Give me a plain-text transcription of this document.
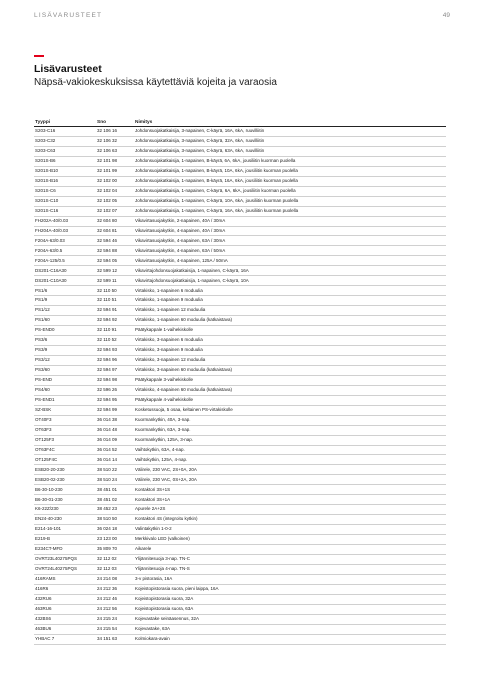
LISÄVARUSTEET	49
Lisävarusteet
Näpsä-vakiokeskuksissa käytettäviä kojeita ja varaosia
Tyyppi	Sno	Nimitys
S203-C16	32 106 16	Johdonsuojakatkaisija, 3-napainen, C-käyrä, 16A, 6kA, ruuvilliitin
S203-C32	32 106 32	Johdonsuojakatkaisija, 3-napainen, C-käyrä, 32A, 6kA, ruuvilliitin
S203-C63	32 106 63	Johdonsuojakatkaisija, 3-napainen, C-käyrä, 63A, 6kA, ruuvilliitin
S201S-B6	32 101 98	Johdonsuojakatkaisija, 1-napainen, B-käyrä, 6A, 6kA, jousiliitin kuorman puolella
S201S-B10	32 101 99	Johdonsuojakatkaisija, 1-napainen, B-käyrä, 10A, 6kA, jousiliitin kuorman puolella
S201S-B16	32 102 00	Johdonsuojakatkaisija, 1-napainen, B-käyrä, 16A, 6kA, jousiliitin kuorman puolella
S201S-C6	32 102 04	Johdonsuojakatkaisija, 1-napainen, C-käyrä, 6A, 6kA, jousiliitin kuorman puolella
S201S-C10	32 102 05	Johdonsuojakatkaisija, 1-napainen, C-käyrä, 10A, 6kA, jousiliitin kuorman puolella
S201S-C16	32 102 07	Johdonsuojakatkaisija, 1-napainen, C-käyrä, 16A, 6kA, jousiliitin kuorman puolella
FH202A-40/0.03	32 604 80	Vikavirtasuojakytkin, 2-napainen, 40A / 30mA
FH204A-40/0.03	32 604 81	Vikavirtasuojakytkin, 4-napainen, 40A / 30mA
F204A-63/0.03	32 594 46	Vikavirtasuojakytkin, 4-napainen, 63A / 30mA
F204A-63/0.5	32 594 88	Vikavirtasuojakytkin, 4-napainen, 63A / 50mA
F204A-125/0.5	32 594 05	Vikavirtasuojakytkin, 4-napainen, 125A / 50mA
DS201-C16A30	32 599 12	Vikavirtajohdonsuojakatkaisija, 1-napainen, C-käyrä, 16A
DS201-C10A30	32 599 11	Vikavirtajohdonsuojakatkaisija, 1-napainen, C-käyrä, 10A
PS1/6	32 110 50	Virtakisko, 1-napainen 6 moduulia
PS1/9	32 110 51	Virtakisko, 1-napainen 9 moduulia
PS1/12	32 594 91	Virtakisko, 1-napainen 12 moduulia
PS1/60	32 594 92	Virtakisko, 1-napainen 60 moduulia (katkaistava)
PS-END0	32 110 91	Päätykappale 1-vaihekiskolle
PS3/6	32 110 52	Virtakisko, 3-napainen 6 moduulia
PS3/9	32 594 93	Virtakisko, 3-napainen 9 moduulia
PS3/12	32 594 96	Virtakisko, 3-napainen 12 moduulia
PS3/60	32 594 97	Virtakisko, 3-napainen 60 moduulia (katkaistava)
PS-END	32 594 98	Päätykappale 3-vaihekiskolle
PS4/60	32 596 26	Virtakisko, 4-napainen 60 moduulia (katkaistava)
PS-END1	32 594 95	Päätykappale 4-vaihekiskolle
SZ-BSK	32 594 99	Kosketussuoja, 5 osaa, keltainen PS-virtakiskolle
OT40F3	36 014 38	Kuormankytkin, 40A, 3-nap.
OT63F3	36 014 48	Kuormankytkin, 63A, 3-nap.
OT125F3	36 014 09	Kuormankytkin, 125A, 3-nap.
OT63F4C	36 014 52	Vaihtokytkin, 63A, 4-nap.
OT125F4C	36 014 14	Vaihtokytkin, 125A, 4-nap.
ESB20-20-230	38 510 22	Välirele, 230 VAC, 2S+0A, 20A
ESB20-02-230	38 510 24	Välirele, 230 VAC, 0S+2A, 20A
B6-30-10-230	38 451 01	Kontaktori 3S+1S
B6-30-01-230	38 451 02	Kontaktori 3S+1A
K6-22Z/230	38 452 23	Apurele 2A+2S
EN24-40-230	38 510 50	Kontaktori 4S (integroitu kytkin)
E214-16-101	36 024 18	Valintakytkin 1-0-2
E219-B	23 123 00	Merkkivalo LED (valkoinen)
E234CT-MFD	35 809 70	Aikarele
OVRT23L40275PQS	32 112 02	Ylijännitesuoja 3-nap. TN-C
OVRT24L40275PQS	32 112 03	Ylijännitesuoja 4-nap. TN-S
416RAMS	24 214 08	3-v pistorasia, 16A
416R6	24 212 36	Kojeistopistorasia suora, pieni laippa, 16A
432RU6	24 212 46	Kojeistopistorasia suora, 32A
463RU6	24 212 56	Kojeistopistorasia suora, 63A
432BS6	24 215 24	Kojevastake seinäasennus, 32A
463BU6	24 215 54	Kojevastake, 63A
YHBAC 7	34 151 63	Kolmiokara-avain
